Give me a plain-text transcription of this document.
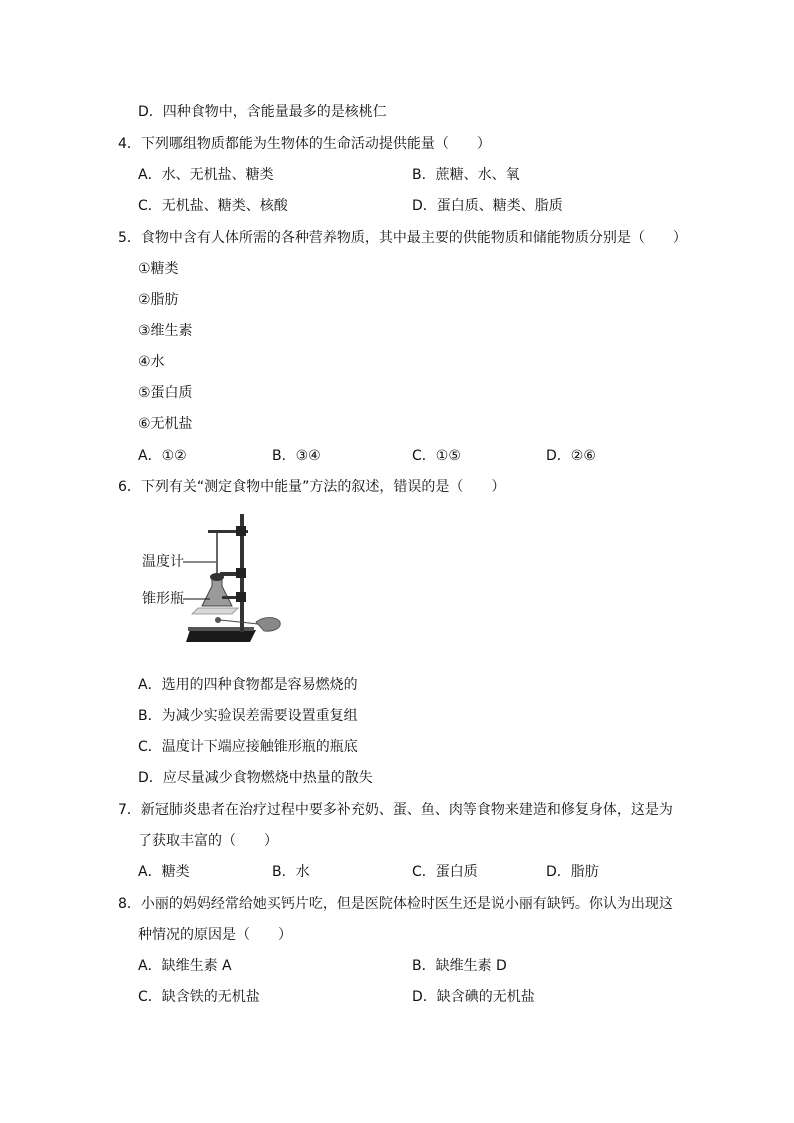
D．四种食物中，含能量最多的是核桃仁
4．下列哪组物质都能为生物体的生命活动提供能量（　　）
A．水、无机盐、糖类	B．蔗糖、水、氧
C．无机盐、糖类、核酸	D．蛋白质、糖类、脂质
5．食物中含有人体所需的各种营养物质，其中最主要的供能物质和储能物质分别是（　　）
①糖类
②脂肪
③维生素
④水
⑤蛋白质
⑥无机盐
A．①②	B．③④	C．①⑤	D．②⑥
6．下列有关“测定食物中能量”方法的叙述，错误的是（　　）
温度计
锥形瓶
A．选用的四种食物都是容易燃烧的
B．为减少实验误差需要设置重复组
C．温度计下端应接触锥形瓶的瓶底
D．应尽量减少食物燃烧中热量的散失
7．新冠肺炎患者在治疗过程中要多补充奶、蛋、鱼、肉等食物来建造和修复身体，这是为
了获取丰富的（　　）
A．糖类	B．水	C．蛋白质	D．脂肪
8．小丽的妈妈经常给她买钙片吃，但是医院体检时医生还是说小丽有缺钙。你认为出现这
种情况的原因是（　　）
A．缺维生素 A	B．缺维生素 D
C．缺含铁的无机盐	D．缺含碘的无机盐
